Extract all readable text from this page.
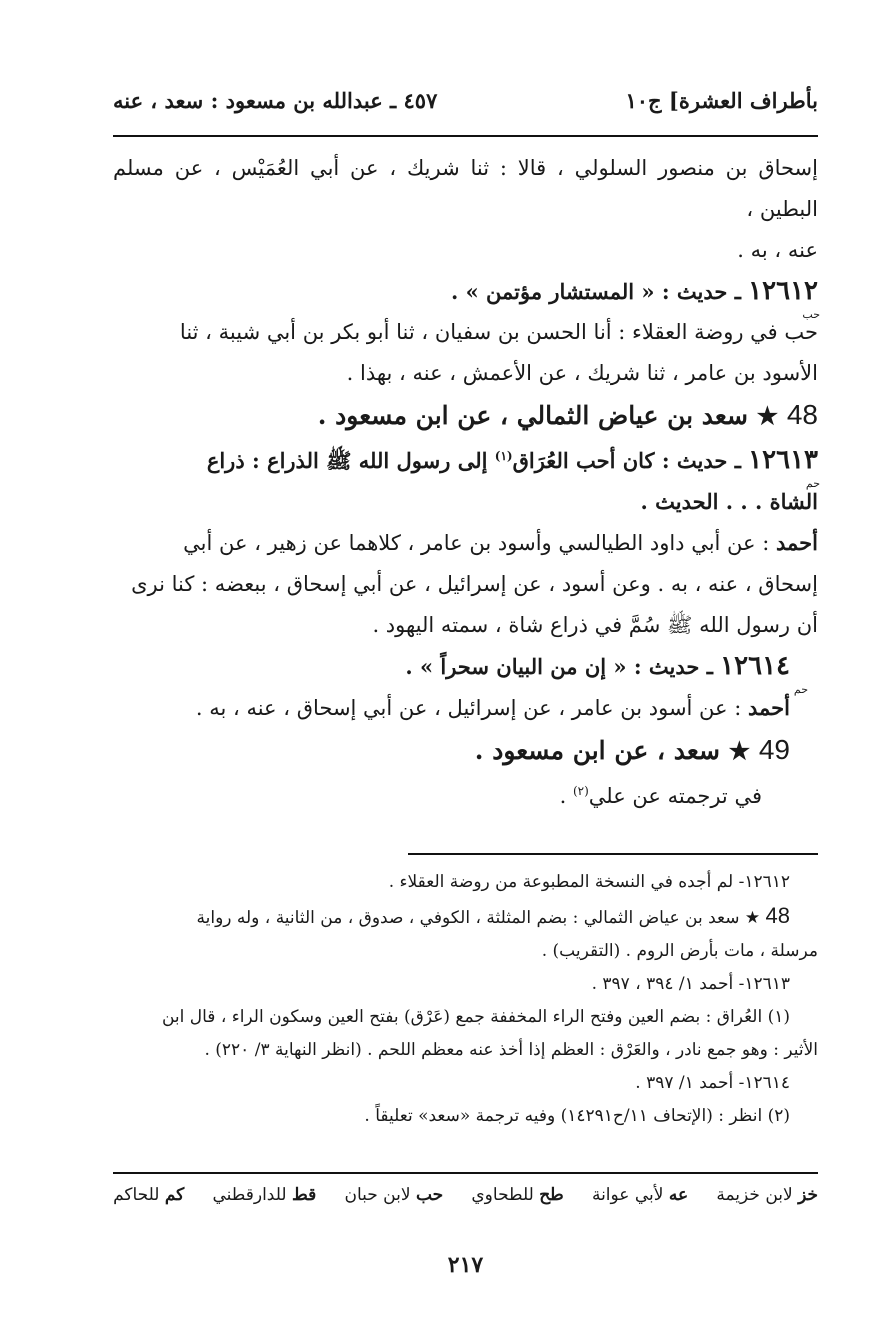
بأطراف العشرة] ج١٠
٤٥٧ ـ عبدالله بن مسعود : سعد ، عنه

إسحاق بن منصور السلولي ، قالا : ثنا شريك ، عن أبي العُمَيْس ، عن مسلم البطين ،

عنه ، به .

١٢٦١٢
حب
ـ حديث : « المستشار مؤتمن » .

حب في روضة العقلاء : أنا الحسن بن سفيان ، ثنا أبو بكر بن أبي شيبة ، ثنا

الأسود بن عامر ، ثنا شريك ، عن الأعمش ، عنه ، بهذا .

48 ★ سعد بن عياض الثمالي ، عن ابن مسعود .

١٢٦١٣
حم
ـ حديث : كان أحب العُرَاق$^{(١)}$ إلى رسول الله ﷺ الذراع : ذراع

الشاة . . . الحديث .

أحمد : عن أبي داود الطيالسي وأسود بن عامر ، كلاهما عن زهير ، عن أبي

إسحاق ، عنه ، به . وعن أسود ، عن إسرائيل ، عن أبي إسحاق ، ببعضه : كنا نرى

أن رسول الله ﷺ سُمَّ في ذراع شاة ، سمته اليهود .

١٢٦١٤ ـ حديث : « إن من البيان سحراً » .

أحمد
حم
: عن أسود بن عامر ، عن إسرائيل ، عن أبي إسحاق ، عنه ، به .

49 ★ سعد ، عن ابن مسعود .

في ترجمته عن علي$^{(٢)}$ .

١٢٦١٢- لم أجده في النسخة المطبوعة من روضة العقلاء .

48 ★ سعد بن عياض الثمالي : بضم المثلثة ، الكوفي ، صدوق ، من الثانية ، وله رواية

مرسلة ، مات بأرض الروم . (التقريب) .

١٢٦١٣- أحمد ١/ ٣٩٤ ، ٣٩٧ .

(١) العُراق : بضم العين وفتح الراء المخففة جمع (عَرْق) بفتح العين وسكون الراء ، قال ابن

الأثير : وهو جمع نادر ، والعَرْق : العظم إذا أخذ عنه معظم اللحم . (انظر النهاية ٣/ ٢٢٠) .

١٢٦١٤- أحمد ١/ ٣٩٧ .

(٢) انظر : (الإتحاف ١١/ح١٤٢٩١) وفيه ترجمة «سعد» تعليقاً .

خز لابن خزيمة
عه لأبي عوانة
طح للطحاوي
حب لابن حبان
قط للدارقطني
كم للحاكم
٢١٧
